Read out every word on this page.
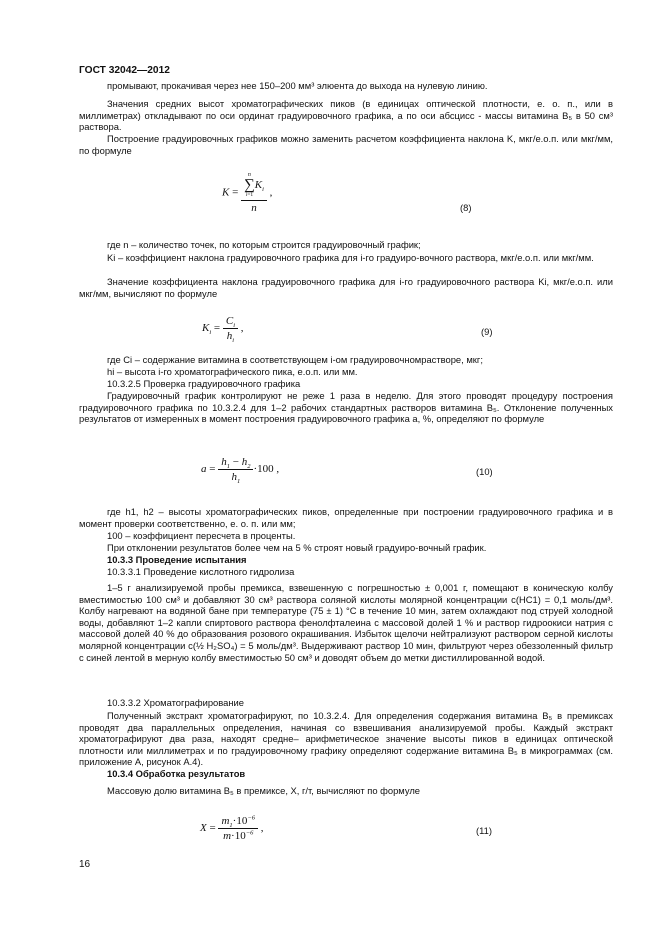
ГОСТ 32042—2012
промывают, прокачивая через нее 150–200 мм³ элюента до выхода на нулевую линию.
Значения средних высот хроматографических пиков (в единицах оптической плотности, е. о. п., или в миллиметрах) откладывают по оси ординат градуировочного графика, а по оси абсцисс - массы витамина B₅ в 50 см³ раствора.
Построение градуировочных графиков можно заменить расчетом коэффициента наклона K, мкг/е.о.п. или мкг/мм, по формуле
K = n
∑
i=1
$K_i$
n ,
(8)
где n – количество точек, по которым строится градуировочный график;
Ki – коэффициент наклона градуировочного графика для i-го градуиро-вочного раствора, мкг/е.о.п. или мкг/мм.
Значение коэффициента наклона градуировочного графика для i-го градуировочного раствора Ki, мкг/е.о.п. или мкг/мм, вычисляют по формуле
$K_i = \frac{C_i}{h_i}$ ,	(9)
где Ci – содержание витамина в соответствующем i-ом градуировочномрастворе, мкг;
hi – высота i-го хроматографического пика, е.о.п. или мм.
10.3.2.5 Проверка градуировочного графика
Градуировочный график контролируют не реже 1 раза в неделю. Для этого проводят процедуру построения градуировочного графика по 10.3.2.4 для 1–2 рабочих стандартных растворов витамина B₅. Отклонение полученных результатов от измеренных в момент построения градуировочного графика a, %, определяют по формуле
$a = \frac{h_1 - h_2}{h_1} \cdot 100$ ,	(10)
где h1, h2 – высоты хроматографических пиков, определенные при построении градуировочного графика и в момент проверки соответственно, е. о. п. или мм;
100 – коэффициент пересчета в проценты.
При отклонении результатов более чем на 5 % строят новый градуиро-вочный график.
10.3.3 Проведение испытания
10.3.3.1 Проведение кислотного гидролиза
1–5 г анализируемой пробы премикса, взвешенную с погрешностью ± 0,001 г, помещают в коническую колбу вместимостью 100 см³ и добавляют 30 см³ раствора соляной кислоты молярной концентрации с(HC1) = 0,1 моль/дм³. Колбу нагревают на водяной бане при температуре (75 ± 1) °С в течение 10 мин, затем охлаждают под струей холодной воды, добавляют 1–2 капли спиртового раствора фенолфталеина с массовой долей 1 % и раствор гидроокиси натрия с массовой долей 40 % до образования розового окрашивания. Избыток щелочи нейтрализуют раствором серной кислоты молярной концентрации с(½ H₂SO₄) = 5 моль/дм³. Выдерживают раствор 10 мин, фильтруют через обеззоленный фильтр с синей лентой в мерную колбу вместимостью 50 см³ и доводят объем до метки дистиллированной водой.
10.3.3.2 Хроматографирование
Полученный экстракт хроматографируют, по 10.3.2.4. Для определения содержания витамина B₅ в премиксах проводят два параллельных определения, начиная со взвешивания анализируемой пробы. Каждый экстракт хроматографируют два раза, находят средне– арифметическое значение высоты пиков в единицах оптической плотности или миллиметрах и по градуировочному графику определяют содержание витамина B₅ в микрограммах (см. приложение А, рисунок А.4).
10.3.4 Обработка результатов
Массовую долю витамина B₅ в премиксе, X, г/т, вычисляют по формуле
$X = \frac{m_1\cdot 10^{-6}}{m\cdot 10^{-6}}$ ,	(11)
16
